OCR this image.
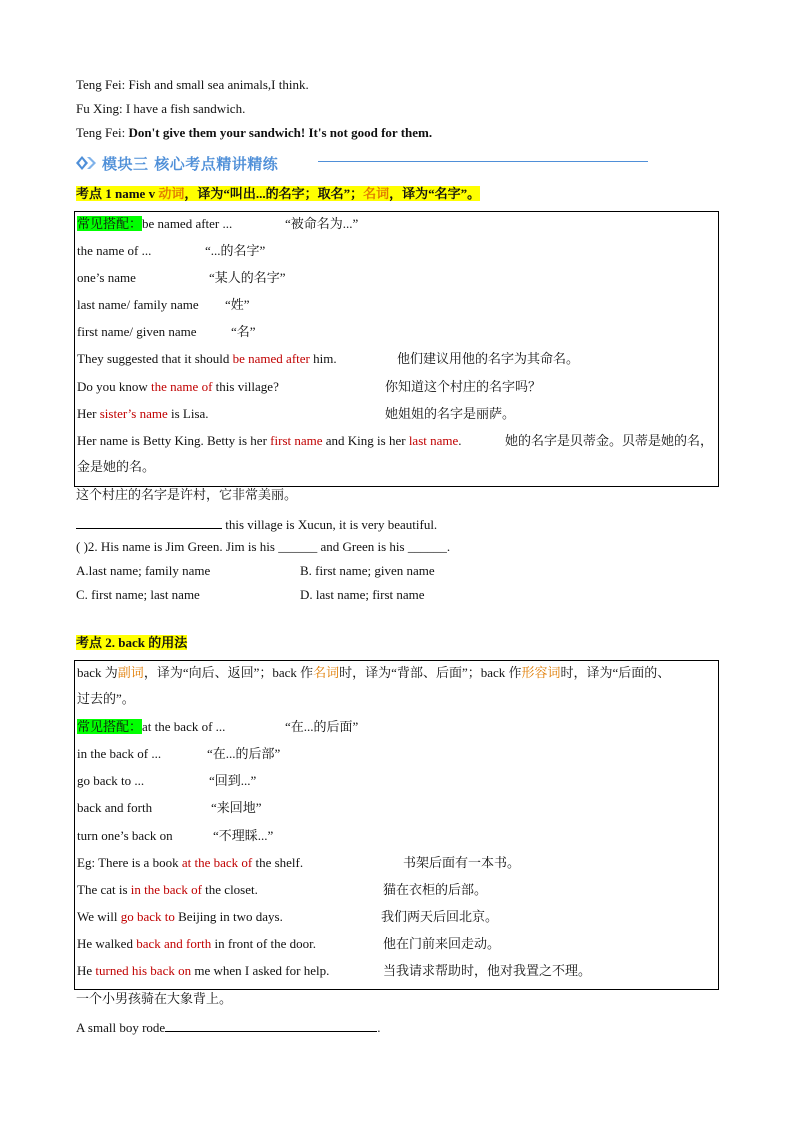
Teng Fei: Fish and small sea animals,I think.
Fu Xing: I have a fish sandwich.
Teng Fei: Don't give them your sandwich! It's not good for them.
模块三 核心考点精讲精练
考点 1 name v 动词，译为“叫出...的名字；取名”；名词，译为“名字”。
常见搭配：be named after ...	“被命名为...”
the name of ...	“...的名字”
one’s name	“某人的名字”
last name/ family name “姓”
first name/ given name	“名”
They suggested that it should be named after him.	他们建议用他的名字为其命名。
Do you know the name of this village?	你知道这个村庄的名字吗？
Her sister’s name is Lisa.	她姐姐的名字是丽萨。
Her name is Betty King. Betty is her first name and King is her last name.	她的名字是贝蒂金。贝蒂是她的名，
金是她的名。
这个村庄的名字是许村，它非常美丽。
this village is Xucun, it is very beautiful.
( )2. His name is Jim Green. Jim is his ______ and Green is his ______.
A.last name; family name	B. first name; given name
C. first name; last name	D. last name; first name
考点 2. back 的用法
back 为副词，译为“向后、返回”；back 作名词时，译为“背部、后面”；back 作形容词时，译为“后面的、
过去的”。
常见搭配：at the back of ...	“在...的后面”
in the back of ...	“在...的后部”
go back to ...	“回到...”
back and forth	“来回地”
turn one’s back on	“不理睬...”
Eg: There is a book at the back of the shelf.	书架后面有一本书。
The cat is in the back of the closet.	猫在衣柜的后部。
We will go back to Beijing in two days.	我们两天后回北京。
He walked back and forth in front of the door.	他在门前来回走动。
He turned his back on me when I asked for help.	当我请求帮助时，他对我置之不理。
一个小男孩骑在大象背上。
A small boy rode	.
